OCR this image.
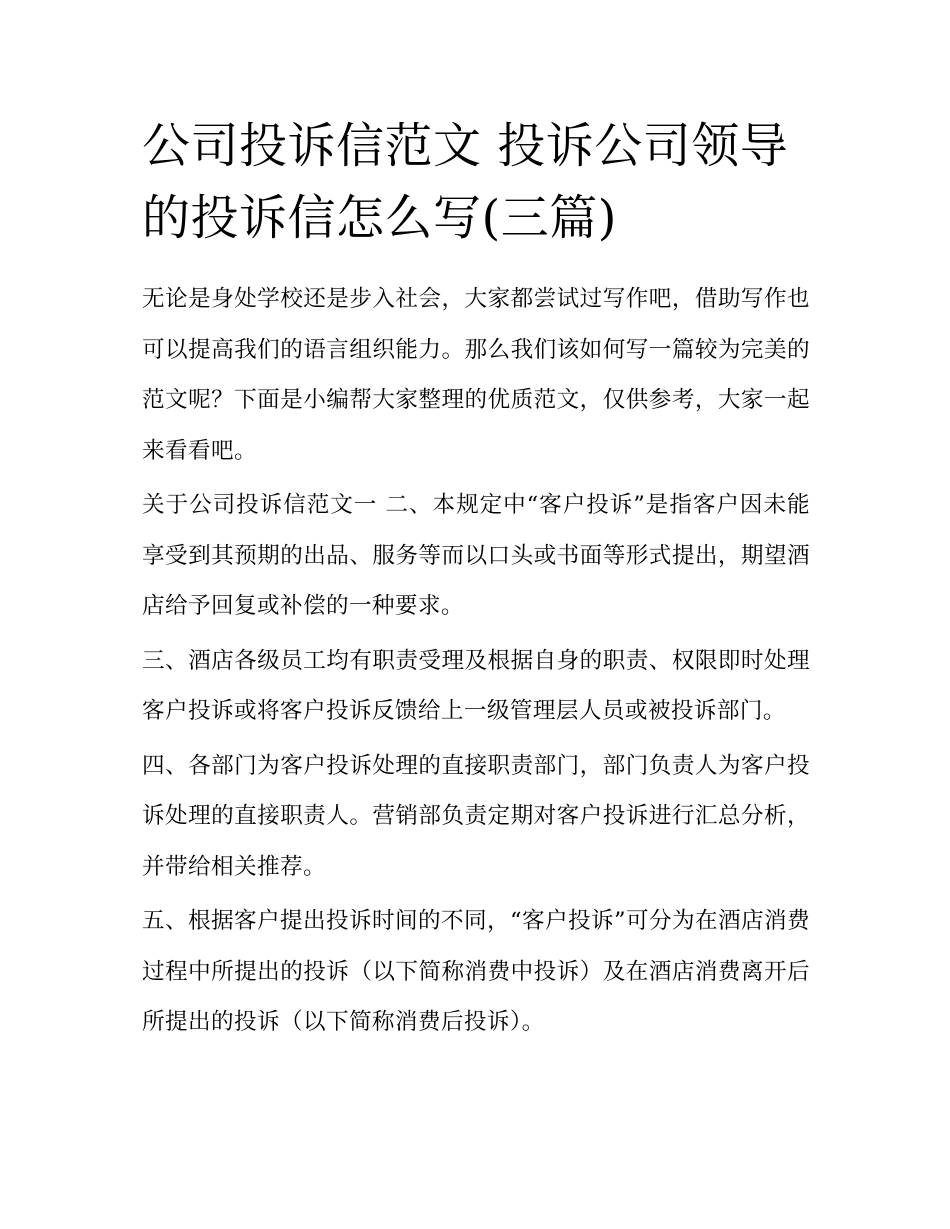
公司投诉信范文 投诉公司领导的投诉信怎么写(三篇)

无论是身处学校还是步入社会，大家都尝试过写作吧，借助写作也可以提高我们的语言组织能力。那么我们该如何写一篇较为完美的范文呢？下面是小编帮大家整理的优质范文，仅供参考，大家一起来看看吧。

关于公司投诉信范文一 二、本规定中“客户投诉”是指客户因未能享受到其预期的出品、服务等而以口头或书面等形式提出，期望酒店给予回复或补偿的一种要求。

三、酒店各级员工均有职责受理及根据自身的职责、权限即时处理客户投诉或将客户投诉反馈给上一级管理层人员或被投诉部门。

四、各部门为客户投诉处理的直接职责部门，部门负责人为客户投诉处理的直接职责人。营销部负责定期对客户投诉进行汇总分析，并带给相关推荐。

五、根据客户提出投诉时间的不同，“客户投诉”可分为在酒店消费过程中所提出的投诉（以下简称消费中投诉）及在酒店消费离开后所提出的投诉（以下简称消费后投诉）。
